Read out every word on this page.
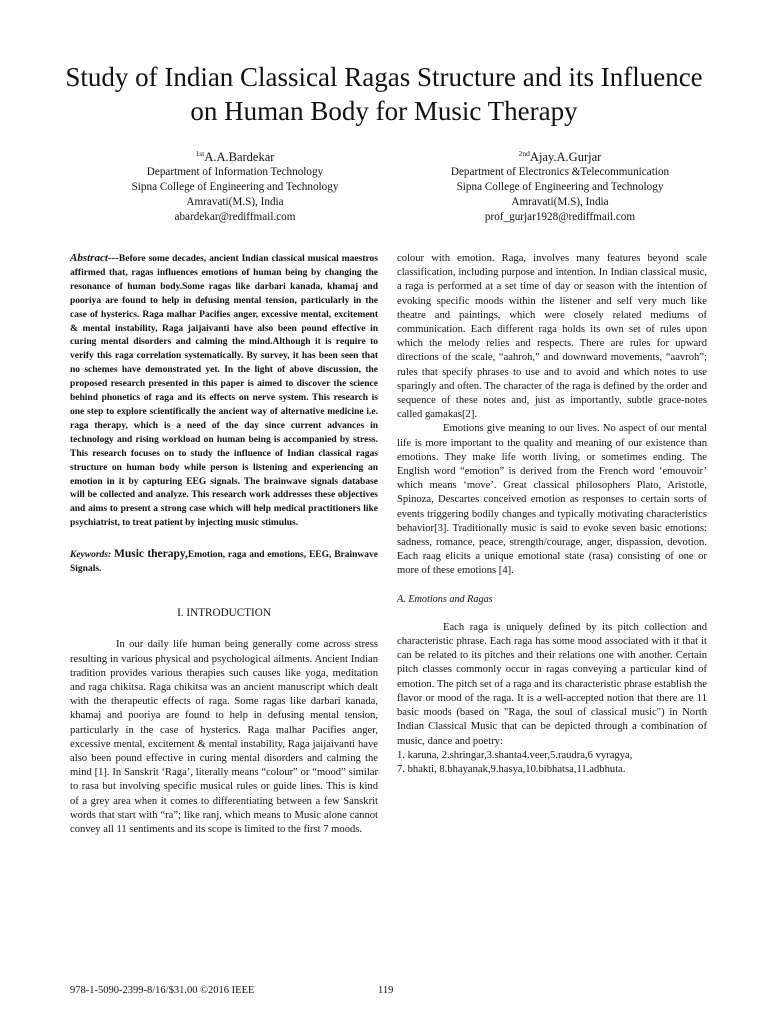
Study of Indian Classical Ragas Structure and its Influence on Human Body for Music Therapy
$^{1st}$A.A.Bardekar
Department of Information Technology
Sipna College of Engineering and Technology
Amravati(M.S), India
abardekar@rediffmail.com
$^{2nd}$Ajay.A.Gurjar
Department of Electronics &Telecommunication
Sipna College of Engineering and Technology
Amravati(M.S), India
prof_gurjar1928@rediffmail.com

Abstract---Before some decades, ancient Indian classical musical maestros affirmed that, ragas influences emotions of human being by changing the resonance of human body.Some ragas like darbari kanada, khamaj and pooriya are found to help in defusing mental tension, particularly in the case of hysterics. Raga malhar Pacifies anger, excessive mental, excitement & mental instability, Raga jaijaivanti have also been pound effective in curing mental disorders and calming the mind.Although it is require to verify this raga correlation systematically. By survey, it has been seen that no schemes have demonstrated yet. In the light of above discussion, the proposed research presented in this paper is aimed to discover the science behind phonetics of raga and its effects on nerve system. This research is one step to explore scientifically the ancient way of alternative medicine i.e. raga therapy, which is a need of the day since current advances in technology and rising workload on human being is accompanied by stress. This research focuses on to study the influence of Indian classical ragas structure on human body while person is listening and experiencing an emotion in it by capturing EEG signals. The brainwave signals database will be collected and analyze. This research work addresses these objectives and aims to present a strong case which will help medical practitioners like psychiatrist, to treat patient by injecting music stimulus.

Keywords: Music therapy,Emotion, raga and emotions, EEG, Brainwave Signals.

I. INTRODUCTION

In our daily life human being generally come across stress resulting in various physical and psychological ailments. Ancient Indian tradition provides various therapies such causes like yoga, meditation and raga chikitsa. Raga chikitsa was an ancient manuscript which dealt with the therapeutic effects of raga. Some ragas like darbari kanada, khamaj and pooriya are found to help in defusing mental tension, particularly in the case of hysterics. Raga malhar Pacifies anger, excessive mental, excitement & mental instability, Raga jaijaivanti have also been pound effective in curing mental disorders and calming the mind [1]. In Sanskrit ‘Raga’, literally means “colour” or “mood” similar to rasa but involving specific musical rules or guide lines. This is kind of a grey area when it comes to differentiating between a few Sanskrit words that start with “ra”; like ranj, which means to Music alone cannot convey all 11 sentiments and its scope is limited to the first 7 moods.

colour with emotion. Raga, involves many features beyond scale classification, including purpose and intention. In Indian classical music, a raga is performed at a set time of day or season with the intention of evoking specific moods within the listener and self very much like theatre and paintings, which were closely related mediums of communication. Each different raga holds its own set of rules upon which the melody relies and respects. There are rules for upward directions of the scale, “aahroh,” and downward movements, “aavroh”; rules that specify phrases to use and to avoid and which notes to use sparingly and often. The character of the raga is defined by the order and sequence of these notes and, just as importantly, subtle grace-notes called gamakas[2].

Emotions give meaning to our lives. No aspect of our mental life is more important to the quality and meaning of our existence than emotions. They make life worth living, or sometimes ending. The English word “emotion” is derived from the French word ‘emouvoir’ which means ‘move’. Great classical philosophers Plato, Aristotle, Spinoza, Descartes conceived emotion as responses to certain sorts of events triggering bodily changes and typically motivating characteristics behavior[3]. Traditionally music is said to evoke seven basic emotions: sadness, romance, peace, strength/courage, anger, dispassion, devotion. Each raag elicits a unique emotional state (rasa) consisting of one or more of these emotions [4].

A. Emotions and Ragas

Each raga is uniquely defined by its pitch collection and characteristic phrase. Each raga has some mood associated with it that it can be related to its pitches and their relations one with another. Certain pitch classes commonly occur in ragas conveying a particular kind of emotion. The pitch set of a raga and its characteristic phrase establish the flavor or mood of the raga. It is a well-accepted notion that there are 11 basic moods (based on "Raga, the soul of classical music") in North Indian Classical Music that can be depicted through a combination of music, dance and poetry:

1. karuna, 2.shringar,3.shanta4.veer,5.raudra,6 vyragya,

7. bhakti, 8.bhayanak,9.hasya,10.bibhatsa,11.adbhuta.

978-1-5090-2399-8/16/$31.00 ©2016 IEEE	119
